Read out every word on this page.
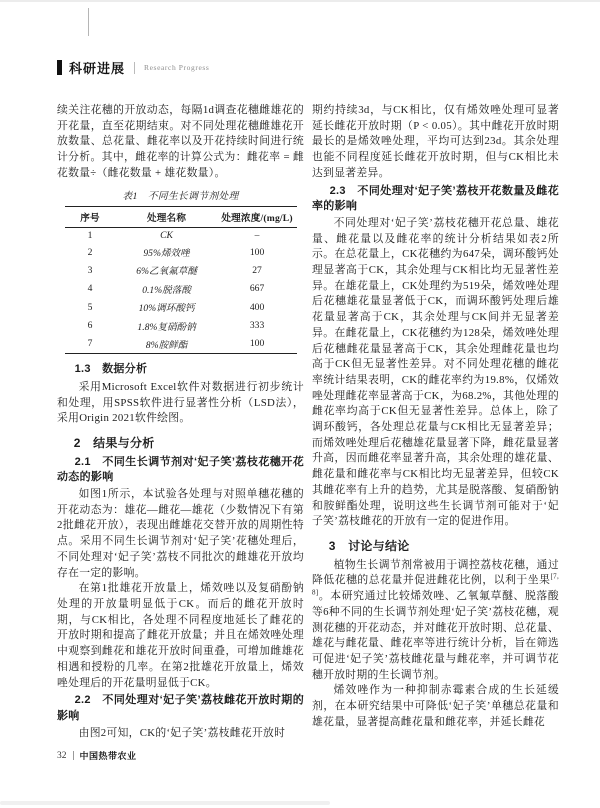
科研进展	Research Progress

续关注花穗的开放动态，每隔1d调查花穗雌雄花的开花量，直至花期结束。对不同处理花穗雌雄花开放数量、总花量、雌花率以及开花持续时间进行统计分析。其中，雌花率的计算公式为：雌花率 = 雌花数量÷（雌花数量 + 雄花数量）。

表1　不同生长调节剂处理
序号	处理名称	处理浓度/(mg/L)
1	CK	–
2	95%烯效唑	100
3	6%乙氧氟草醚	27
4	0.1%脱落酸	667
5	10%调环酸钙	400
6	1.8%复硝酚钠	333
7	8%胺鲜酯	100

1.3　数据分析

采用Microsoft Excel软件对数据进行初步统计和处理，用SPSS软件进行显著性分析（LSD法），采用Origin 2021软件绘图。

2　结果与分析

2.1　不同生长调节剂对‘妃子笑’荔枝花穗开花动态的影响

如图1所示，本试验各处理与对照单穗花穗的开花动态为：雄花—雌花—雄花（少数情况下有第2批雌花开放），表现出雌雄花交替开放的周期性特点。采用不同生长调节剂对‘妃子笑’花穗处理后，不同处理对‘妃子笑’荔枝不同批次的雌雄花开放均存在一定的影响。

在第1批雄花开放量上，烯效唑以及复硝酚钠处理的开放量明显低于CK。而后的雌花开放时期，与CK相比，各处理不同程度地延长了雌花的开放时期和提高了雌花开放量；并且在烯效唑处理中观察到雌花和雄花开放时间重叠，可增加雌雄花相遇和授粉的几率。在第2批雄花开放量上，烯效唑处理后的开花量明显低于CK。

2.2　不同处理对‘妃子笑’荔枝雌花开放时期的影响

由图2可知，CK的‘妃子笑’荔枝雌花开放时

期约持续3d，与CK相比，仅有烯效唑处理可显著延长雌花开放时期（P < 0.05）。其中雌花开放时期最长的是烯效唑处理，平均可达到23d。其余处理也能不同程度延长雌花开放时期，但与CK相比未达到显著差异。

2.3　不同处理对‘妃子笑’荔枝开花数量及雌花率的影响

不同处理对‘妃子笑’荔枝花穗开花总量、雄花量、雌花量以及雌花率的统计分析结果如表2所示。在总花量上，CK花穗约为647朵，调环酸钙处理显著高于CK，其余处理与CK相比均无显著性差异。在雄花量上，CK处理约为519朵，烯效唑处理后花穗雄花量显著低于CK，而调环酸钙处理后雄花量显著高于CK，其余处理与CK间并无显著差异。在雌花量上，CK花穗约为128朵，烯效唑处理后花穗雌花量显著高于CK，其余处理雌花量也均高于CK但无显著性差异。对不同处理花穗的雌花率统计结果表明，CK的雌花率约为19.8%，仅烯效唑处理雌花率显著高于CK，为68.2%，其他处理的雌花率均高于CK但无显著性差异。总体上，除了调环酸钙，各处理总花量与CK相比无显著差异；而烯效唑处理后花穗雄花量显著下降，雌花量显著升高，因而雌花率显著升高，其余处理的雄花量、雌花量和雌花率与CK相比均无显著差异，但较CK其雌花率有上升的趋势，尤其是脱落酸、复硝酚钠和胺鲜酯处理，说明这些生长调节剂可能对于‘妃子笑’荔枝雌花的开放有一定的促进作用。

3　讨论与结论

植物生长调节剂常被用于调控荔枝花穗，通过降低花穗的总花量并促进雌花比例，以利于坐果[7,8]。本研究通过比较烯效唑、乙氧氟草醚、脱落酸等6种不同的生长调节剂处理‘妃子笑’荔枝花穗，观测花穗的开花动态，并对雌花开放时期、总花量、雄花与雌花量、雌花率等进行统计分析，旨在筛选可促进‘妃子笑’荔枝雌花量与雌花率，并可调节花穗开放时期的生长调节剂。

烯效唑作为一种抑制赤霉素合成的生长延缓剂，在本研究结果中可降低‘妃子笑’单穗总花量和雄花量，显著提高雌花量和雌花率，并延长雌花

32 中国热带农业
